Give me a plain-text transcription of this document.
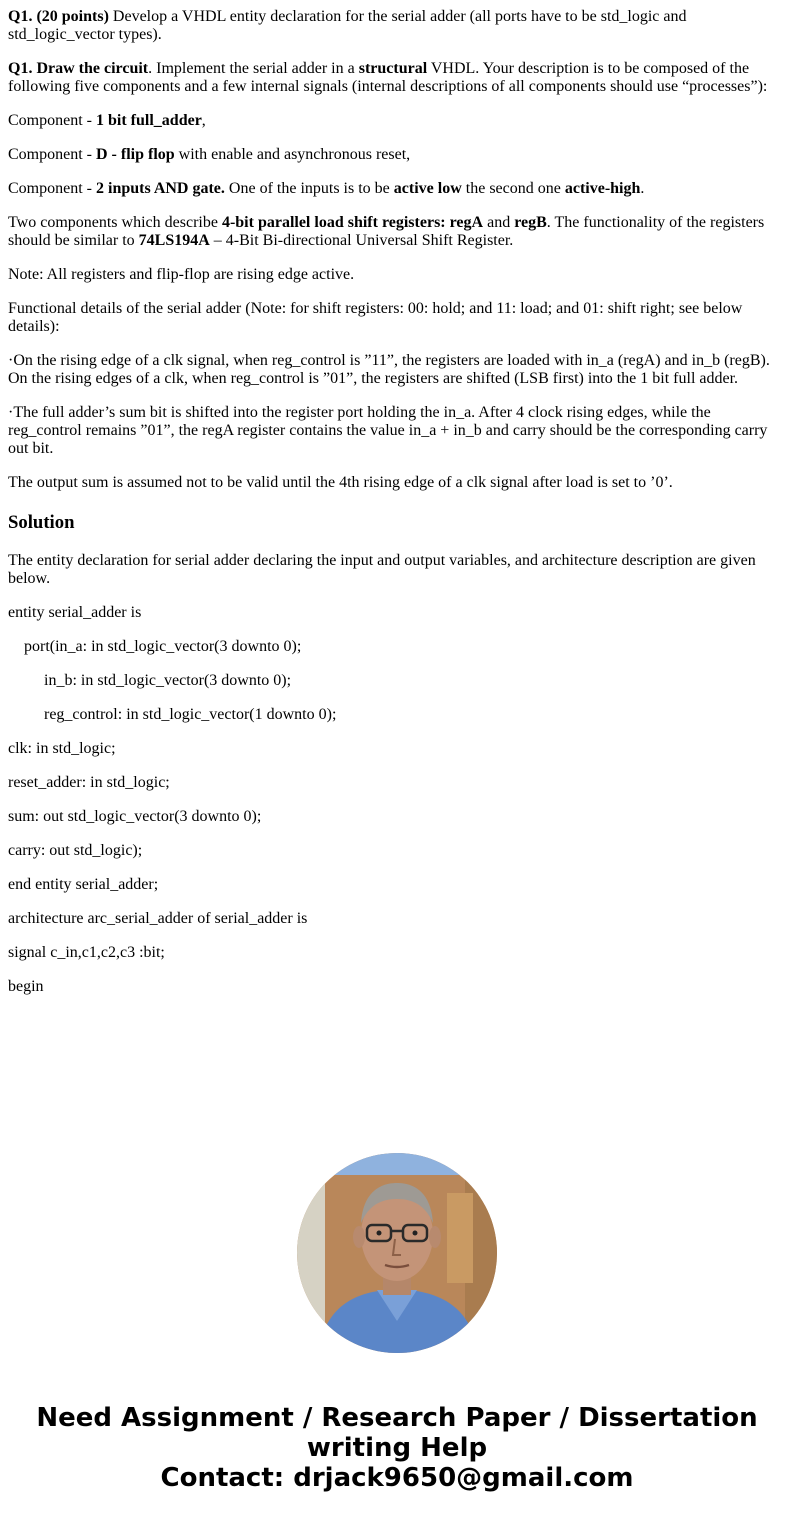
Q1. (20 points) Develop a VHDL entity declaration for the serial adder (all ports have to be std_logic and std_logic_vector types).

Q1. Draw the circuit. Implement the serial adder in a structural VHDL. Your description is to be composed of the following five components and a few internal signals (internal descriptions of all components should use “processes”):

Component - 1 bit full_adder,

Component - D - flip flop with enable and asynchronous reset,

Component - 2 inputs AND gate. One of the inputs is to be active low the second one active-high.

Two components which describe 4-bit parallel load shift registers: regA and regB. The functionality of the registers should be similar to 74LS194A – 4-Bit Bi-directional Universal Shift Register.

Note: All registers and flip-flop are rising edge active.

Functional details of the serial adder (Note: for shift registers: 00: hold; and 11: load; and 01: shift right; see below details):

·On the rising edge of a clk signal, when reg_control is ”11”, the registers are loaded with in_a (regA) and in_b (regB). On the rising edges of a clk, when reg_control is ”01”, the registers are shifted (LSB first) into the 1 bit full adder.

·The full adder’s sum bit is shifted into the register port holding the in_a. After 4 clock rising edges, while the reg_control remains ”01”, the regA register contains the value in_a + in_b and carry should be the corresponding carry out bit.

The output sum is assumed not to be valid until the 4th rising edge of a clk signal after load is set to ’0’.

Solution

The entity declaration for serial adder declaring the input and output variables, and architecture description are given below.

entity serial_adder is

port(in_a: in std_logic_vector(3 downto 0);

in_b: in std_logic_vector(3 downto 0);

reg_control: in std_logic_vector(1 downto 0);

clk: in std_logic;

reset_adder: in std_logic;

sum: out std_logic_vector(3 downto 0);

carry: out std_logic);

end entity serial_adder;

architecture arc_serial_adder of serial_adder is

signal c_in,c1,c2,c3 :bit;

begin

Need Assignment / Research Paper / Dissertation
writing Help
Contact: drjack9650@gmail.com
